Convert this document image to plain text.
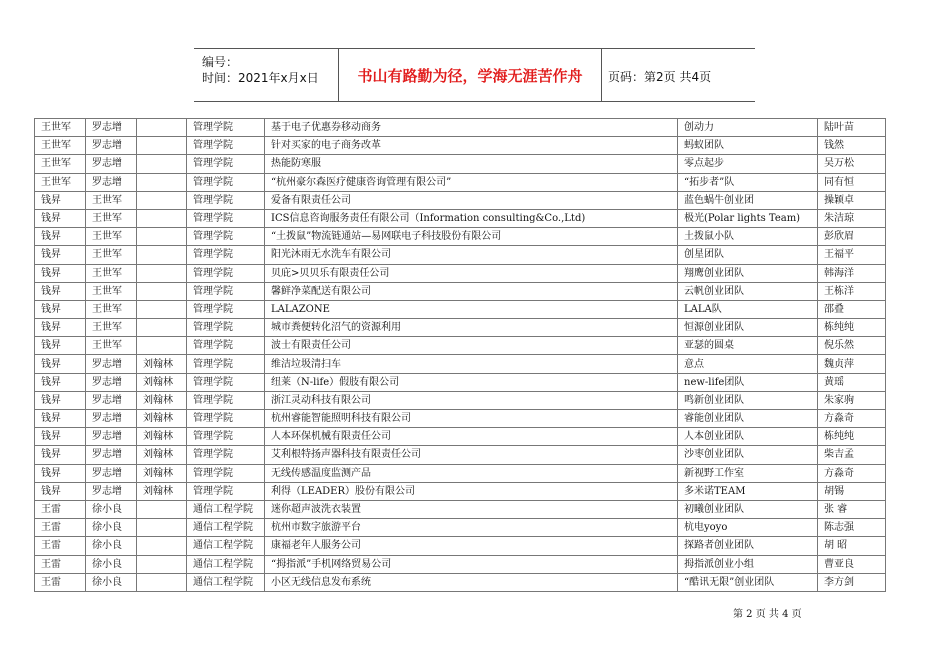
编号：
时间：2021年x月x日	书山有路勤为径，学海无涯苦作舟	页码：第2页 共4页
王世军	罗志增		管理学院	基于电子优惠券移动商务	创动力	陆叶苗
王世军	罗志增		管理学院	针对买家的电子商务改革	蚂蚁团队	钱然
王世军	罗志增		管理学院	热能防寒服	零点起步	吴万松
王世军	罗志增		管理学院	“杭州豪尔森医疗健康咨询管理有限公司”	“拓步者”队	同有恒
钱昇	王世军		管理学院	爱备有限责任公司	蓝色蜗牛创业团	操颖卓
钱昇	王世军		管理学院	ICS信息咨询服务责任有限公司（Information consulting&Co.,Ltd)	极光(Polar lights Team)	朱洁琼
钱昇	王世军		管理学院	“土拨鼠”物流链通站—易网联电子科技股份有限公司	土拨鼠小队	彭欣眉
钱昇	王世军		管理学院	阳光沐雨无水洗车有限公司	创星团队	王福平
钱昇	王世军		管理学院	贝庇>贝贝乐有限责任公司	翔鹰创业团队	韩海洋
钱昇	王世军		管理学院	馨鲜净菜配送有限公司	云帆创业团队	王栋洋
钱昇	王世军		管理学院	LALAZONE	LALA队	邵叠
钱昇	王世军		管理学院	城市粪便转化沼气的资源利用	恒源创业团队	栋纯纯
钱昇	王世军		管理学院	波士有限责任公司	亚瑟的圆桌	倪乐然
钱昇	罗志增	刘翰林	管理学院	维洁垃圾清扫车	意点	魏贞萍
钱昇	罗志增	刘翰林	管理学院	纽莱（N-life）假肢有限公司	new-life团队	黄瑶
钱昇	罗志增	刘翰林	管理学院	浙江灵动科技有限公司	鸣新创业团队	朱家驹
钱昇	罗志增	刘翰林	管理学院	杭州睿能智能照明科技有限公司	睿能创业团队	方淼奇
钱昇	罗志增	刘翰林	管理学院	人本环保机械有限责任公司	人本创业团队	栋纯纯
钱昇	罗志增	刘翰林	管理学院	艾利根特扬声器科技有限责任公司	沙枣创业团队	柴吉孟
钱昇	罗志增	刘翰林	管理学院	无线传感温度监测产品	新视野工作室	方淼奇
钱昇	罗志增	刘翰林	管理学院	利得（LEADER）股份有限公司	多米诺TEAM	胡锡
王雷	徐小良		通信工程学院	迷你超声波洗衣装置	初曦创业团队	张 睿
王雷	徐小良		通信工程学院	杭州市数字旅游平台	杭电yoyo	陈志强
王雷	徐小良		通信工程学院	康福老年人服务公司	探路者创业团队	胡 昭
王雷	徐小良		通信工程学院	“拇指派”手机网络贸易公司	拇指派创业小组	曹亚良
王雷	徐小良		通信工程学院	小区无线信息发布系统	“酷讯无限”创业团队	李方剑
第 2 页 共 4 页
